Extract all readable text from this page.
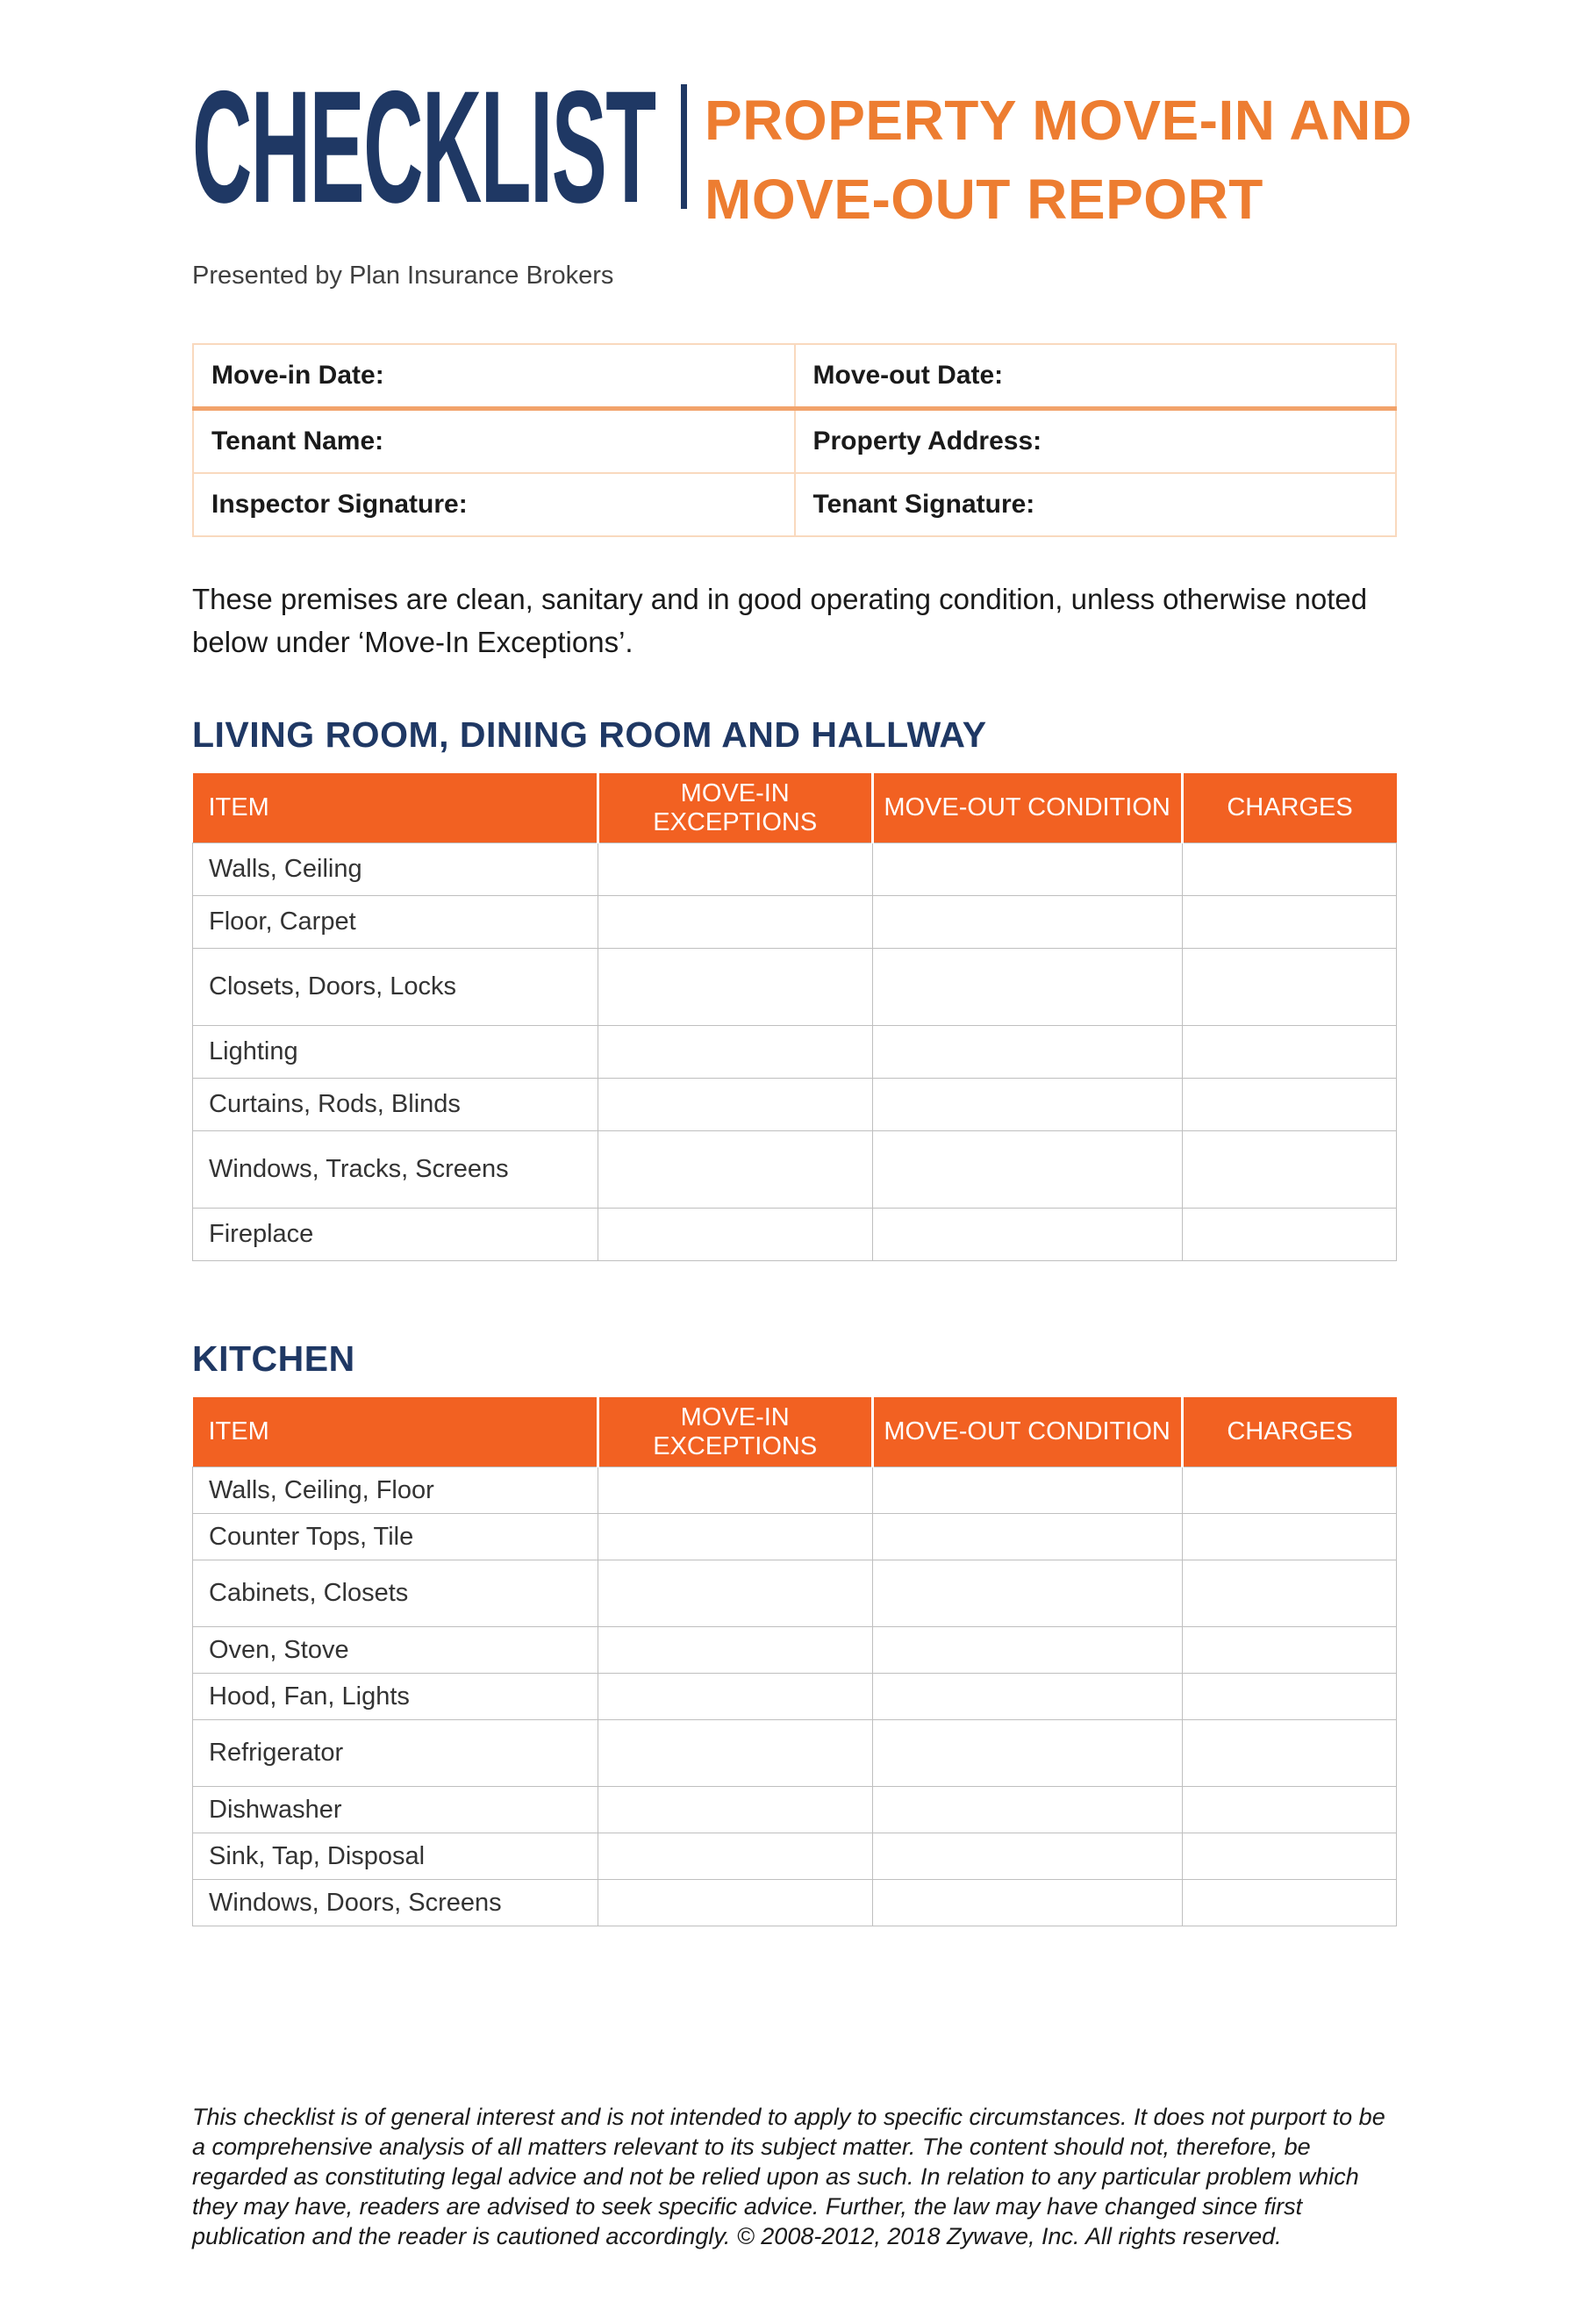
CHECKLIST PROPERTY MOVE-IN AND
MOVE-OUT REPORT
Presented by Plan Insurance Brokers
Move-in Date:	Move-out Date:
Tenant Name:	Property Address:
Inspector Signature:	Tenant Signature:
These premises are clean, sanitary and in good operating condition, unless otherwise noted below under ‘Move-In Exceptions’.
LIVING ROOM, DINING ROOM AND HALLWAY
ITEM	MOVE-IN EXCEPTIONS	MOVE-OUT CONDITION	CHARGES
Walls, Ceiling			
Floor, Carpet			
Closets, Doors, Locks			
Lighting			
Curtains, Rods, Blinds			
Windows, Tracks, Screens			
Fireplace			
KITCHEN
ITEM	MOVE-IN EXCEPTIONS	MOVE-OUT CONDITION	CHARGES
Walls, Ceiling, Floor			
Counter Tops, Tile			
Cabinets, Closets			
Oven, Stove			
Hood, Fan, Lights			
Refrigerator			
Dishwasher			
Sink, Tap, Disposal			
Windows, Doors, Screens			
This checklist is of general interest and is not intended to apply to specific circumstances. It does not purport to be a comprehensive analysis of all matters relevant to its subject matter. The content should not, therefore, be regarded as constituting legal advice and not be relied upon as such. In relation to any particular problem which they may have, readers are advised to seek specific advice. Further, the law may have changed since first publication and the reader is cautioned accordingly. © 2008-2012, 2018 Zywave, Inc. All rights reserved.
